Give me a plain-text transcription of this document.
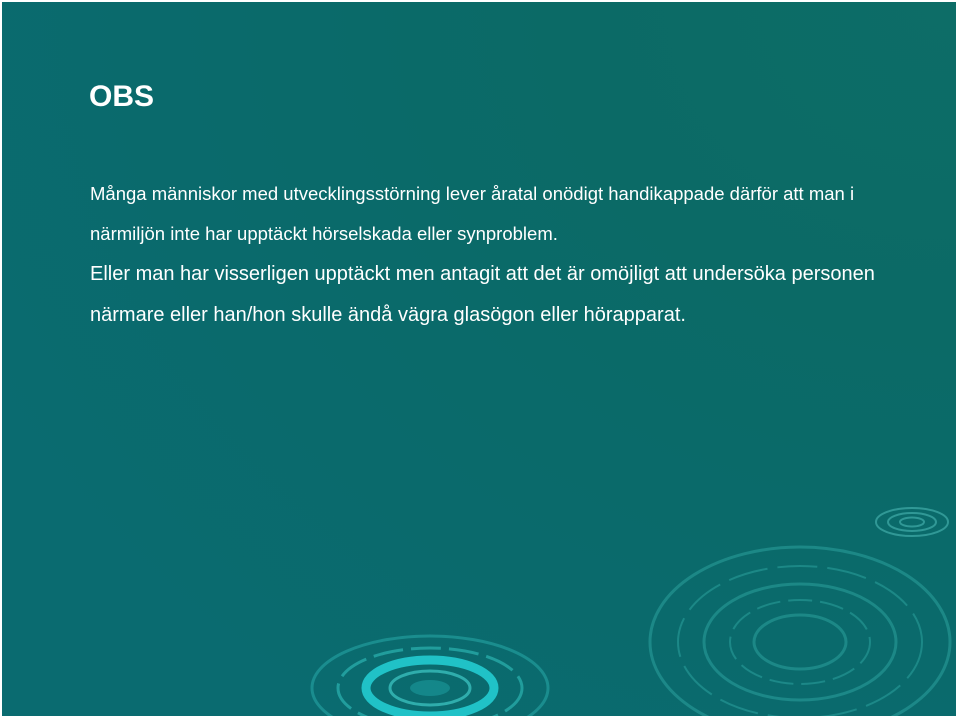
OBS

Många människor med utvecklingsstörning lever åratal onödigt handikappade därför att man i närmiljön inte har upptäckt hörselskada eller synproblem.

Eller man har visserligen upptäckt men antagit att det är omöjligt att undersöka personen närmare eller han/hon skulle ändå vägra glasögon eller hörapparat.
